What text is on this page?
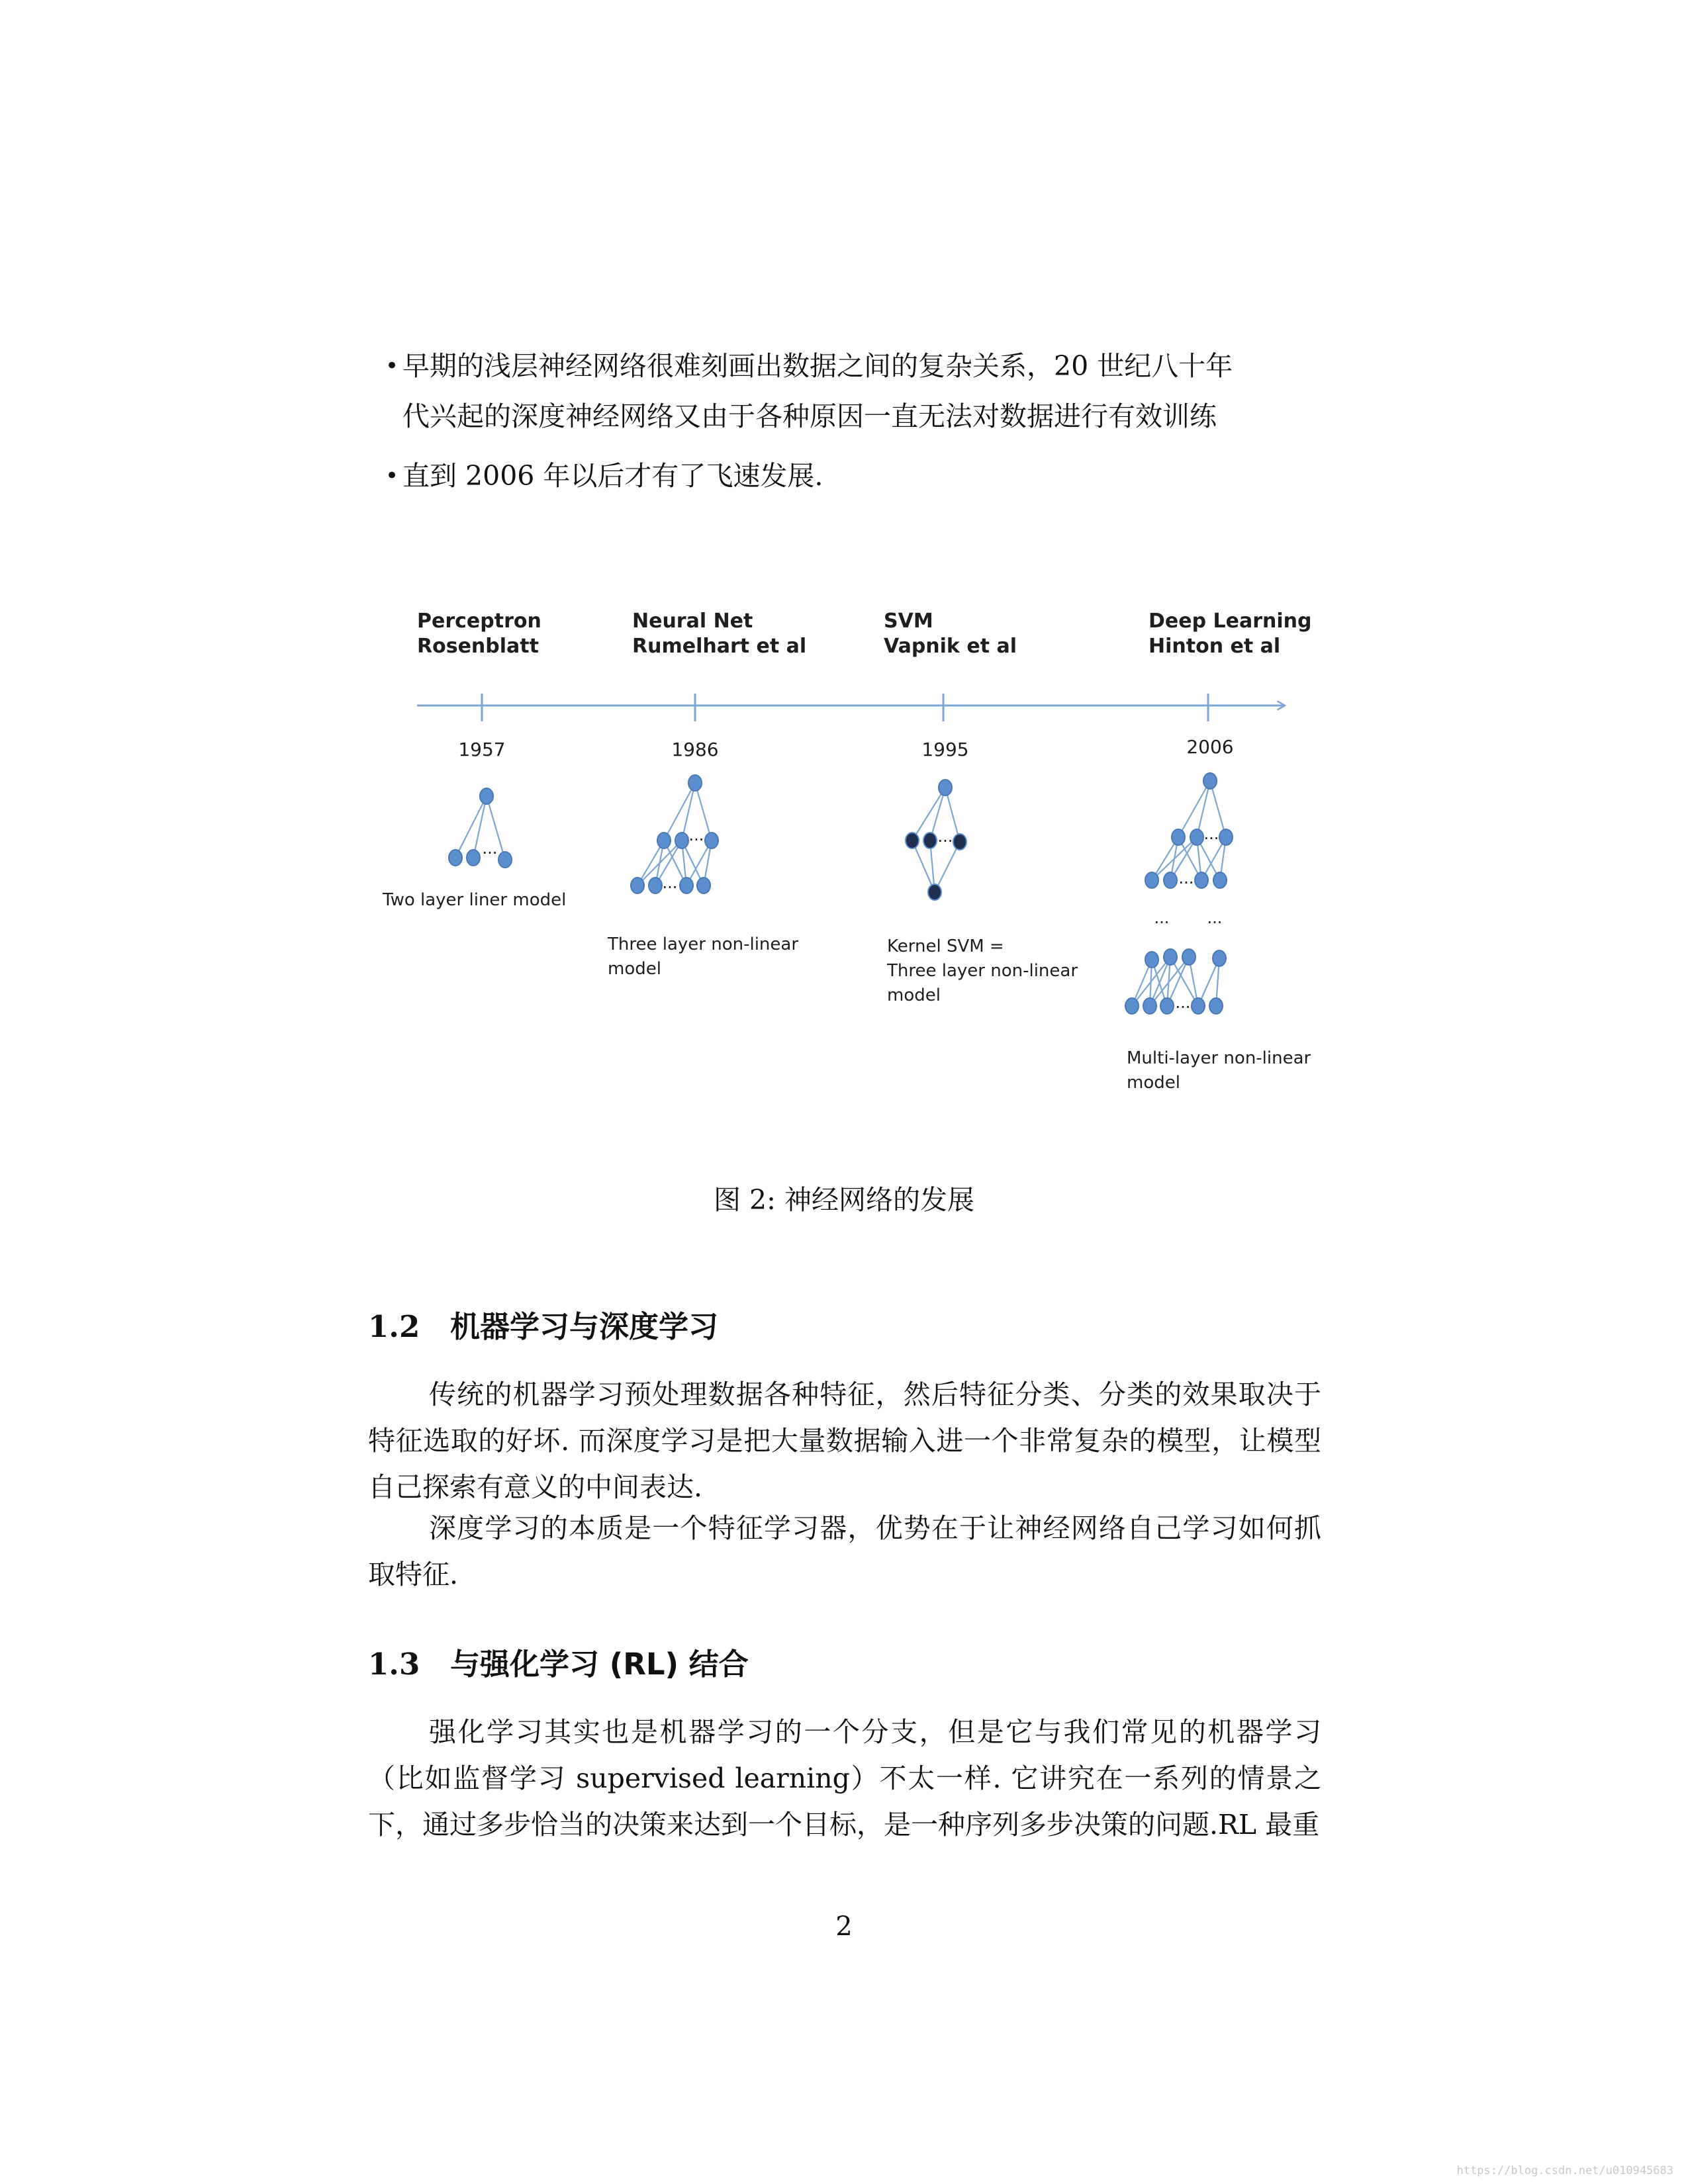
• 早期的浅层神经网络很难刻画出数据之间的复杂关系，20 世纪八十年
代兴起的深度神经网络又由于各种原因一直无法对数据进行有效训练
• 直到 2006 年以后才有了飞速发展.
Perceptron
Rosenblatt
Neural Net
Rumelhart et al
SVM
Vapnik et al
Deep Learning
Hinton et al
1957	1986	1995	2006
...
...
...
...	...
...
... ...
...
Two layer liner model
Three layer non-linear
model
Kernel SVM =
Three layer non-linear
model
Multi-layer non-linear
model
图 2: 神经网络的发展
1.2 机器学习与深度学习
传统的机器学习预处理数据各种特征，然后特征分类、分类的效果取决于特征选取的好坏. 而深度学习是把大量数据输入进一个非常复杂的模型，让模型自己探索有意义的中间表达.
深度学习的本质是一个特征学习器，优势在于让神经网络自己学习如何抓取特征.
1.3 与强化学习 (RL) 结合
强化学习其实也是机器学习的一个分支，但是它与我们常见的机器学习（比如监督学习 supervised learning）不太一样. 它讲究在一系列的情景之下，通过多步恰当的决策来达到一个目标，是一种序列多步决策的问题.RL 最重
2
https://blog.csdn.net/u010945683
